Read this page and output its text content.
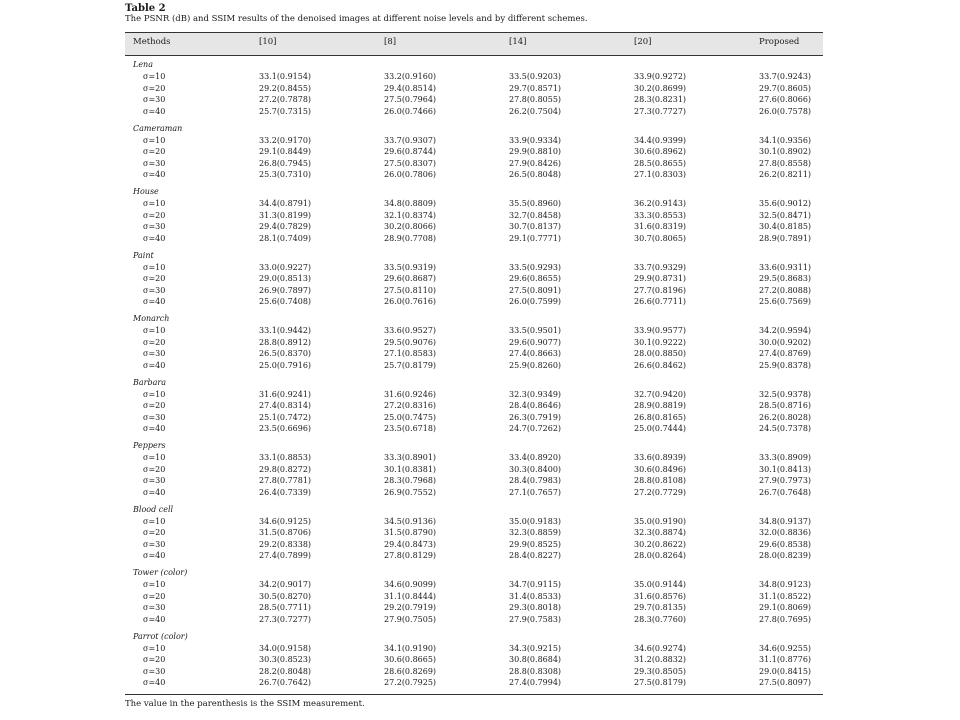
Table 2
The PSNR (dB) and SSIM results of the denoised images at different noise levels and by different schemes.
Methods	[10]	[8]	[14]	[20]	Proposed
Lena
σ=10	33.1(0.9154)	33.2(0.9160)	33.5(0.9203)	33.9(0.9272)	33.7(0.9243)
σ=20	29.2(0.8455)	29.4(0.8514)	29.7(0.8571)	30.2(0.8699)	29.7(0.8605)
σ=30	27.2(0.7878)	27.5(0.7964)	27.8(0.8055)	28.3(0.8231)	27.6(0.8066)
σ=40	25.7(0.7315)	26.0(0.7466)	26.2(0.7504)	27.3(0.7727)	26.0(0.7578)
Cameraman
σ=10	33.2(0.9170)	33.7(0.9307)	33.9(0.9334)	34.4(0.9399)	34.1(0.9356)
σ=20	29.1(0.8449)	29.6(0.8744)	29.9(0.8810)	30.6(0.8962)	30.1(0.8902)
σ=30	26.8(0.7945)	27.5(0.8307)	27.9(0.8426)	28.5(0.8655)	27.8(0.8558)
σ=40	25.3(0.7310)	26.0(0.7806)	26.5(0.8048)	27.1(0.8303)	26.2(0.8211)
House
σ=10	34.4(0.8791)	34.8(0.8809)	35.5(0.8960)	36.2(0.9143)	35.6(0.9012)
σ=20	31.3(0.8199)	32.1(0.8374)	32.7(0.8458)	33.3(0.8553)	32.5(0.8471)
σ=30	29.4(0.7829)	30.2(0.8066)	30.7(0.8137)	31.6(0.8319)	30.4(0.8185)
σ=40	28.1(0.7409)	28.9(0.7708)	29.1(0.7771)	30.7(0.8065)	28.9(0.7891)
Paint
σ=10	33.0(0.9227)	33.5(0.9319)	33.5(0.9293)	33.7(0.9329)	33.6(0.9311)
σ=20	29.0(0.8513)	29.6(0.8687)	29.6(0.8655)	29.9(0.8731)	29.5(0.8683)
σ=30	26.9(0.7897)	27.5(0.8110)	27.5(0.8091)	27.7(0.8196)	27.2(0.8088)
σ=40	25.6(0.7408)	26.0(0.7616)	26.0(0.7599)	26.6(0.7711)	25.6(0.7569)
Monarch
σ=10	33.1(0.9442)	33.6(0.9527)	33.5(0.9501)	33.9(0.9577)	34.2(0.9594)
σ=20	28.8(0.8912)	29.5(0.9076)	29.6(0.9077)	30.1(0.9222)	30.0(0.9202)
σ=30	26.5(0.8370)	27.1(0.8583)	27.4(0.8663)	28.0(0.8850)	27.4(0.8769)
σ=40	25.0(0.7916)	25.7(0.8179)	25.9(0.8260)	26.6(0.8462)	25.9(0.8378)
Barbara
σ=10	31.6(0.9241)	31.6(0.9246)	32.3(0.9349)	32.7(0.9420)	32.5(0.9378)
σ=20	27.4(0.8314)	27.2(0.8316)	28.4(0.8646)	28.9(0.8819)	28.5(0.8716)
σ=30	25.1(0.7472)	25.0(0.7475)	26.3(0.7919)	26.8(0.8165)	26.2(0.8028)
σ=40	23.5(0.6696)	23.5(0.6718)	24.7(0.7262)	25.0(0.7444)	24.5(0.7378)
Peppers
σ=10	33.1(0.8853)	33.3(0.8901)	33.4(0.8920)	33.6(0.8939)	33.3(0.8909)
σ=20	29.8(0.8272)	30.1(0.8381)	30.3(0.8400)	30.6(0.8496)	30.1(0.8413)
σ=30	27.8(0.7781)	28.3(0.7968)	28.4(0.7983)	28.8(0.8108)	27.9(0.7973)
σ=40	26.4(0.7339)	26.9(0.7552)	27.1(0.7657)	27.2(0.7729)	26.7(0.7648)
Blood cell
σ=10	34.6(0.9125)	34.5(0.9136)	35.0(0.9183)	35.0(0.9190)	34.8(0.9137)
σ=20	31.5(0.8706)	31.5(0.8790)	32.3(0.8859)	32.3(0.8874)	32.0(0.8836)
σ=30	29.2(0.8338)	29.4(0.8473)	29.9(0.8525)	30.2(0.8622)	29.6(0.8538)
σ=40	27.4(0.7899)	27.8(0.8129)	28.4(0.8227)	28.0(0.8264)	28.0(0.8239)
Tower (color)
σ=10	34.2(0.9017)	34.6(0.9099)	34.7(0.9115)	35.0(0.9144)	34.8(0.9123)
σ=20	30.5(0.8270)	31.1(0.8444)	31.4(0.8533)	31.6(0.8576)	31.1(0.8522)
σ=30	28.5(0.7711)	29.2(0.7919)	29.3(0.8018)	29.7(0.8135)	29.1(0.8069)
σ=40	27.3(0.7277)	27.9(0.7505)	27.9(0.7583)	28.3(0.7760)	27.8(0.7695)
Parrot (color)
σ=10	34.0(0.9158)	34.1(0.9190)	34.3(0.9215)	34.6(0.9274)	34.6(0.9255)
σ=20	30.3(0.8523)	30.6(0.8665)	30.8(0.8684)	31.2(0.8832)	31.1(0.8776)
σ=30	28.2(0.8048)	28.6(0.8269)	28.8(0.8308)	29.3(0.8505)	29.0(0.8415)
σ=40	26.7(0.7642)	27.2(0.7925)	27.4(0.7994)	27.5(0.8179)	27.5(0.8097)
The value in the parenthesis is the SSIM measurement.
